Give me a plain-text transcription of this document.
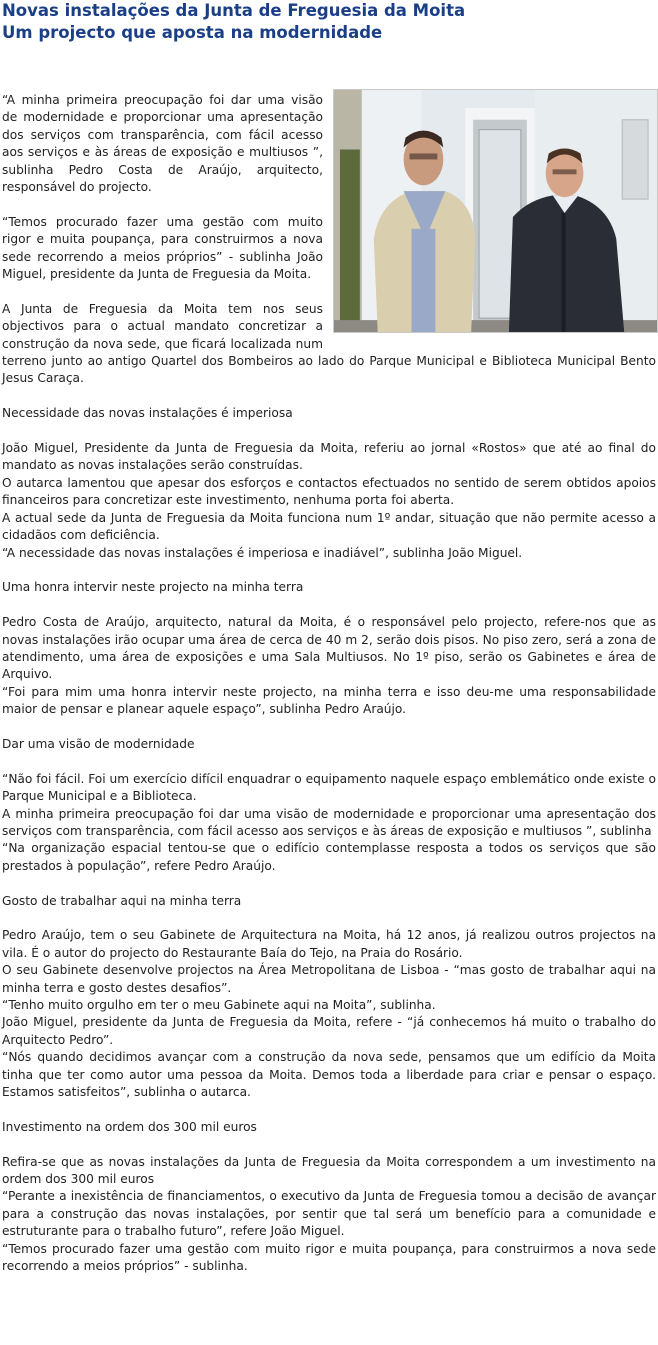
Novas instalações da Junta de Freguesia da Moita
Um projecto que aposta na modernidade

“A minha primeira preocupação foi dar uma visão de modernidade e proporcionar uma apresentação dos serviços com transparência, com fácil acesso aos serviços e às áreas de exposição e multiusos ”, sublinha Pedro Costa de Araújo, arquitecto, responsável do projecto.

“Temos procurado fazer uma gestão com muito rigor e muita poupança, para construirmos a nova sede recorrendo a meios próprios” - sublinha João Miguel, presidente da Junta de Freguesia da Moita.

A Junta de Freguesia da Moita tem nos seus objectivos para o actual mandato concretizar a construção da nova sede, que ficará localizada num terreno junto ao antigo Quartel dos Bombeiros ao lado do Parque Municipal e Biblioteca Municipal Bento Jesus Caraça.

Necessidade das novas instalações é imperiosa

João Miguel, Presidente da Junta de Freguesia da Moita, referiu ao jornal «Rostos» que até ao final do mandato as novas instalações serão construídas.
O autarca lamentou que apesar dos esforços e contactos efectuados no sentido de serem obtidos apoios financeiros para concretizar este investimento, nenhuma porta foi aberta.
A actual sede da Junta de Freguesia da Moita funciona num 1º andar, situação que não permite acesso a cidadãos com deficiência.
“A necessidade das novas instalações é imperiosa e inadiável”, sublinha João Miguel.

Uma honra intervir neste projecto na minha terra

Pedro Costa de Araújo, arquitecto, natural da Moita, é o responsável pelo projecto, refere-nos que as novas instalações irão ocupar uma área de cerca de 40 m 2, serão dois pisos. No piso zero, será a zona de atendimento, uma área de exposições e uma Sala Multiusos. No 1º piso, serão os Gabinetes e área de Arquivo.
“Foi para mim uma honra intervir neste projecto, na minha terra e isso deu-me uma responsabilidade maior de pensar e planear aquele espaço”, sublinha Pedro Araújo.

Dar uma visão de modernidade

“Não foi fácil. Foi um exercício difícil enquadrar o equipamento naquele espaço emblemático onde existe o Parque Municipal e a Biblioteca.
A minha primeira preocupação foi dar uma visão de modernidade e proporcionar uma apresentação dos serviços com transparência, com fácil acesso aos serviços e às áreas de exposição e multiusos ”, sublinha
“Na organização espacial tentou-se que o edifício contemplasse resposta a todos os serviços que são prestados à população”, refere Pedro Araújo.

Gosto de trabalhar aqui na minha terra

Pedro Araújo, tem o seu Gabinete de Arquitectura na Moita, há 12 anos, já realizou outros projectos na vila. É o autor do projecto do Restaurante Baía do Tejo, na Praia do Rosário.
O seu Gabinete desenvolve projectos na Área Metropolitana de Lisboa - “mas gosto de trabalhar aqui na minha terra e gosto destes desafios”.
“Tenho muito orgulho em ter o meu Gabinete aqui na Moita”, sublinha.
João Miguel, presidente da Junta de Freguesia da Moita, refere - “já conhecemos há muito o trabalho do Arquitecto Pedro”.
“Nós quando decidimos avançar com a construção da nova sede, pensamos que um edifício da Moita tinha que ter como autor uma pessoa da Moita. Demos toda a liberdade para criar e pensar o espaço. Estamos satisfeitos”, sublinha o autarca.

Investimento na ordem dos 300 mil euros

Refira-se que as novas instalações da Junta de Freguesia da Moita correspondem a um investimento na ordem dos 300 mil euros
“Perante a inexistência de financiamentos, o executivo da Junta de Freguesia tomou a decisão de avançar para a construção das novas instalações, por sentir que tal será um benefício para a comunidade e estruturante para o trabalho futuro”, refere João Miguel.
“Temos procurado fazer uma gestão com muito rigor e muita poupança, para construirmos a nova sede recorrendo a meios próprios” - sublinha.
